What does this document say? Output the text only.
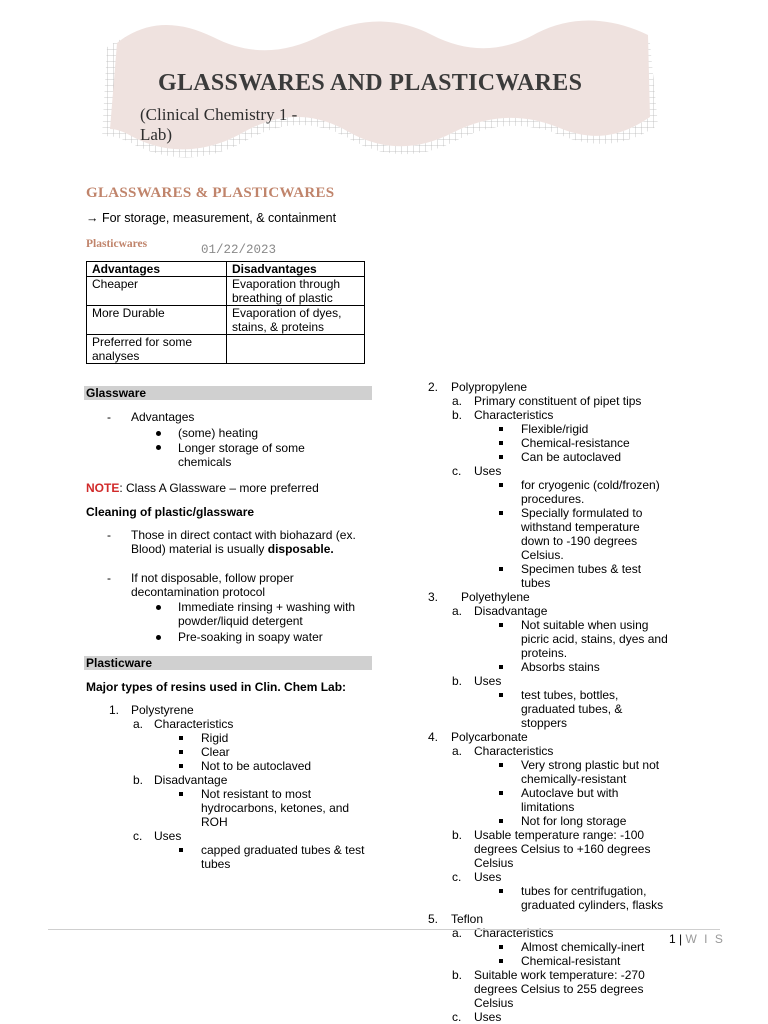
GLASSWARES AND PLASTICWARES
(Clinical Chemistry 1 - Lab)
GLASSWARES & PLASTICWARES
→ For storage, measurement, & containment
Plasticwares	01/22/2023
Advantages	Disadvantages
Cheaper	Evaporation through breathing of plastic
More Durable	Evaporation of dyes, stains, & proteins
Preferred for some analyses	
Glassware
- Advantages
(some) heating
Longer storage of some chemicals
NOTE: Class A Glassware – more preferred
Cleaning of plastic/glassware
- Those in direct contact with biohazard (ex. Blood) material is usually disposable.
- If not disposable, follow proper decontamination protocol
Immediate rinsing + washing with powder/liquid detergent
Pre-soaking in soapy water
Plasticware
Major types of resins used in Clin. Chem Lab:
1. Polystyrene
a. Characteristics
Rigid
Clear
Not to be autoclaved
b. Disadvantage
Not resistant to most hydrocarbons, ketones, and ROH
c. Uses
capped graduated tubes & test tubes
2. Polypropylene
a. Primary constituent of pipet tips
b. Characteristics
Flexible/rigid
Chemical-resistance
Can be autoclaved
c. Uses
for cryogenic (cold/frozen) procedures.
Specially formulated to withstand temperature down to -190 degrees Celsius.
Specimen tubes & test tubes
3. Polyethylene
a. Disadvantage
Not suitable when using picric acid, stains, dyes and proteins.
Absorbs stains
b. Uses
test tubes, bottles, graduated tubes, & stoppers
4. Polycarbonate
a. Characteristics
Very strong plastic but not chemically-resistant
Autoclave but with limitations
Not for long storage
b. Usable temperature range: -100 degrees Celsius to +160 degrees Celsius
c. Uses
tubes for centrifugation, graduated cylinders, flasks
5. Teflon
a. Characteristics
Almost chemically-inert
Chemical-resistant
b. Suitable work temperature: -270 degrees Celsius to 255 degrees Celsius
c. Uses
1 | W I S
